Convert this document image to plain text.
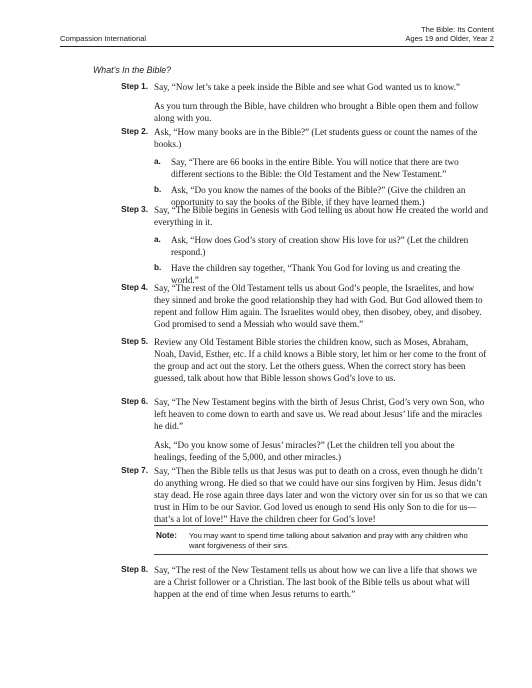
Compassion International
The Bible: Its Content
Ages 19 and Older, Year 2
What’s In the Bible?
Step 1. Say, “Now let’s take a peek inside the Bible and see what God wanted us to know.”

As you turn through the Bible, have children who brought a Bible open them and follow along with you.

Step 2. Ask, “How many books are in the Bible?” (Let students guess or count the names of the books.)

a. Say, “There are 66 books in the entire Bible. You will notice that there are two different sections to the Bible: the Old Testament and the New Testament.”
b. Ask, “Do you know the names of the books of the Bible?” (Give the children an opportunity to say the books of the Bible, if they have learned them.)
Step 3. Say, “The Bible begins in Genesis with God telling us about how He created the world and everything in it.

a. Ask, “How does God’s story of creation show His love for us?” (Let the children respond.)
b. Have the children say together, “Thank You God for loving us and creating the world.”
Step 4. Say, “The rest of the Old Testament tells us about God’s people, the Israelites, and how they sinned and broke the good relationship they had with God. But God allowed them to repent and follow Him again. The Israelites would obey, then disobey, obey, and disobey. God promised to send a Messiah who would save them.”

Step 5. Review any Old Testament Bible stories the children know, such as Moses, Abraham, Noah, David, Esther, etc. If a child knows a Bible story, let him or her come to the front of the group and act out the story. Let the others guess. When the correct story has been guessed, talk about how that Bible lesson shows God’s love to us.

Step 6. Say, “The New Testament begins with the birth of Jesus Christ, God’s very own Son, who left heaven to come down to earth and save us. We read about Jesus’ life and the miracles he did.”

Ask, “Do you know some of Jesus’ miracles?” (Let the children tell you about the healings, feeding of the 5,000, and other miracles.)

Step 7. Say, “Then the Bible tells us that Jesus was put to death on a cross, even though he didn’t do anything wrong. He died so that we could have our sins forgiven by Him. Jesus didn’t stay dead. He rose again three days later and won the victory over sin for us so that we can trust in Him to be our Savior. God loved us enough to send His only Son to die for us—that’s a lot of love!” Have the children cheer for God’s love!

Note: You may want to spend time talking about salvation and pray with any children who want forgiveness of their sins.
Step 8. Say, “The rest of the New Testament tells us about how we can live a life that shows we are a Christ follower or a Christian. The last book of the Bible tells us about what will happen at the end of time when Jesus returns to earth.”
